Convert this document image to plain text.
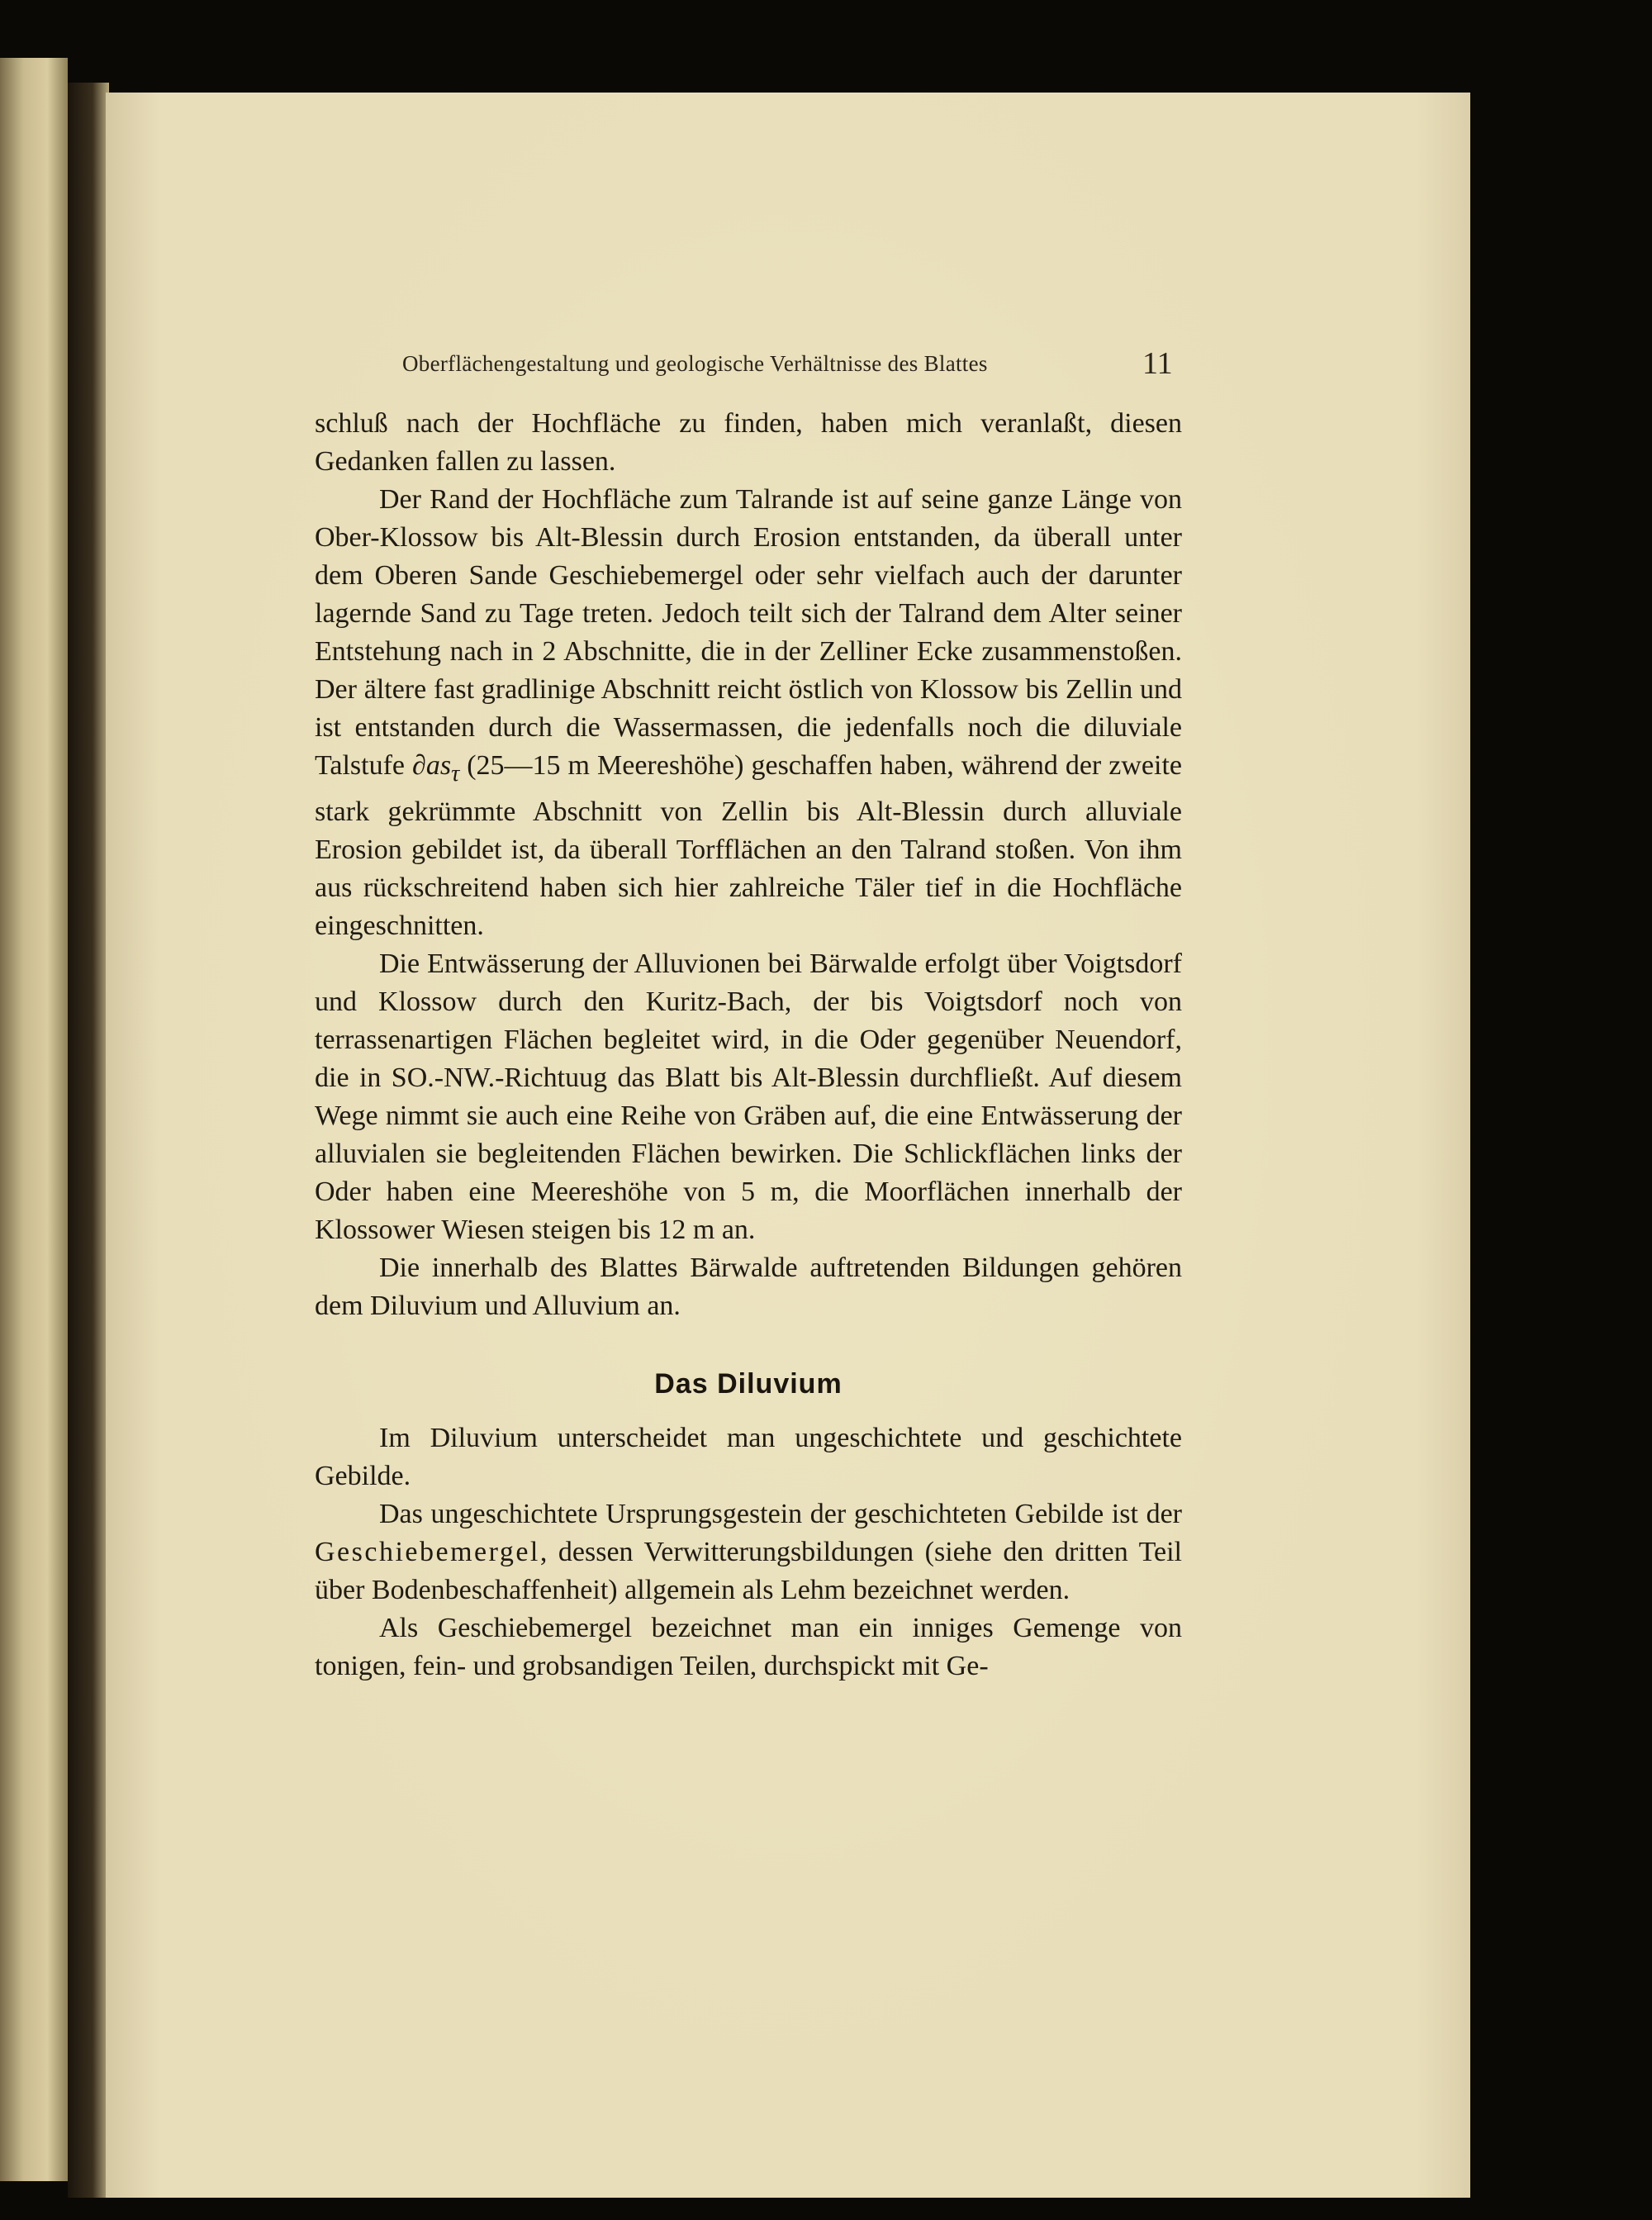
Oberflächengestaltung und geologische Verhältnisse des Blattes	11

schluß nach der Hochfläche zu finden, haben mich veranlaßt, diesen Gedanken fallen zu lassen.

Der Rand der Hochfläche zum Talrande ist auf seine ganze Länge von Ober-Klossow bis Alt-Blessin durch Erosion entstanden, da überall unter dem Oberen Sande Geschiebemergel oder sehr vielfach auch der darunter lagernde Sand zu Tage treten. Jedoch teilt sich der Talrand dem Alter seiner Entstehung nach in 2 Abschnitte, die in der Zelliner Ecke zusammenstoßen. Der ältere fast gradlinige Abschnitt reicht östlich von Klossow bis Zellin und ist entstanden durch die Wassermassen, die jedenfalls noch die diluviale Talstufe $\partial as_\tau$ (25—15 m Meereshöhe) geschaffen haben, während der zweite stark gekrümmte Abschnitt von Zellin bis Alt-Blessin durch alluviale Erosion gebildet ist, da überall Torfflächen an den Talrand stoßen. Von ihm aus rückschreitend haben sich hier zahlreiche Täler tief in die Hochfläche eingeschnitten.

Die Entwässerung der Alluvionen bei Bärwalde erfolgt über Voigtsdorf und Klossow durch den Kuritz-Bach, der bis Voigtsdorf noch von terrassenartigen Flächen begleitet wird, in die Oder gegenüber Neuendorf, die in SO.-NW.-Richtuug das Blatt bis Alt-Blessin durchfließt. Auf diesem Wege nimmt sie auch eine Reihe von Gräben auf, die eine Entwässerung der alluvialen sie begleitenden Flächen bewirken. Die Schlickflächen links der Oder haben eine Meereshöhe von 5 m, die Moorflächen innerhalb der Klossower Wiesen steigen bis 12 m an.

Die innerhalb des Blattes Bärwalde auftretenden Bildungen gehören dem Diluvium und Alluvium an.

Das Diluvium

Im Diluvium unterscheidet man ungeschichtete und geschichtete Gebilde.

Das ungeschichtete Ursprungsgestein der geschichteten Gebilde ist der Geschiebemergel, dessen Verwitterungsbildungen (siehe den dritten Teil über Bodenbeschaffenheit) allgemein als Lehm bezeichnet werden.

Als Geschiebemergel bezeichnet man ein inniges Gemenge von tonigen, fein- und grobsandigen Teilen, durchspickt mit Ge-
